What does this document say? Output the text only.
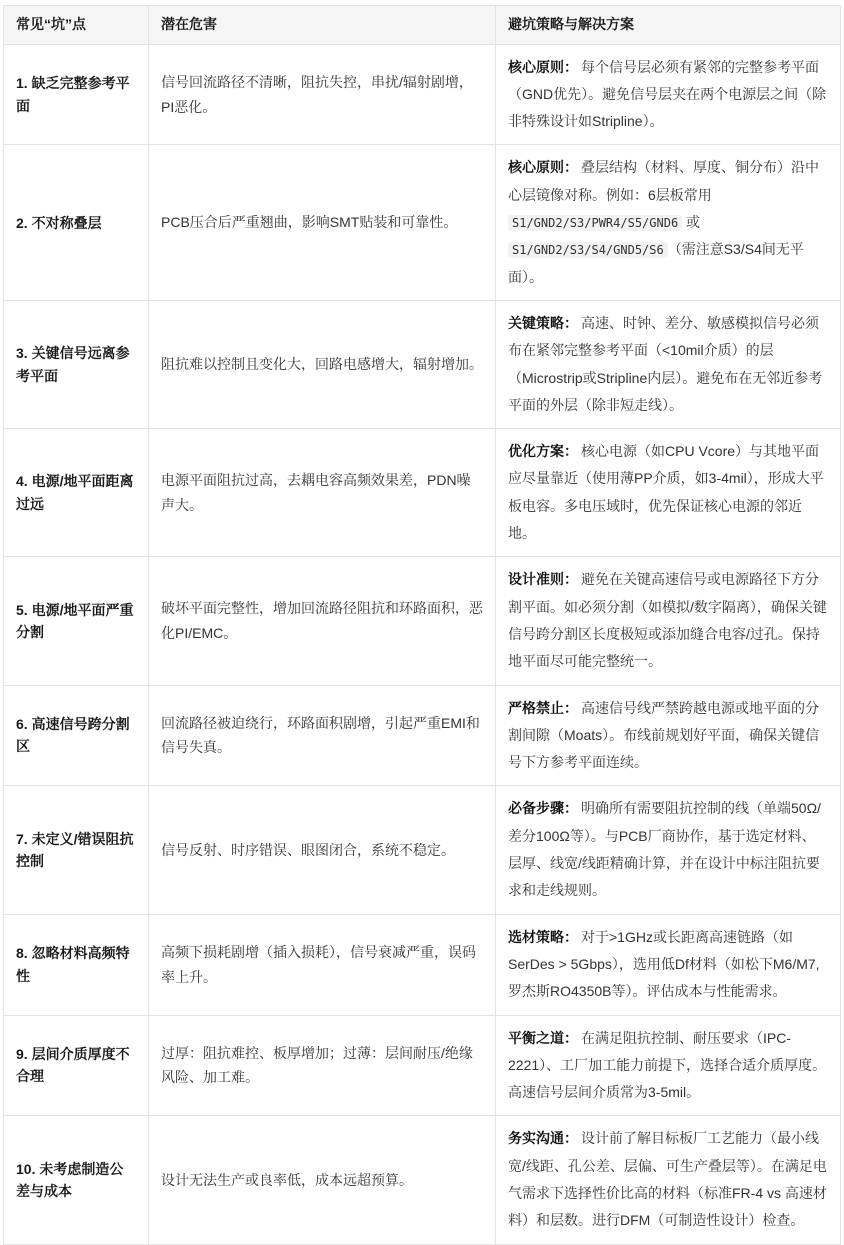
常见“坑”点	潜在危害	避坑策略与解决方案
1. 缺乏完整参考平面	信号回流路径不清晰，阻抗失控，串扰/辐射剧增，PI恶化。	核心原则： 每个信号层必须有紧邻的完整参考平面（GND优先）。避免信号层夹在两个电源层之间（除非特殊设计如Stripline）。
2. 不对称叠层	PCB压合后严重翘曲，影响SMT贴装和可靠性。	核心原则： 叠层结构（材料、厚度、铜分布）沿中心层镜像对称。例如：6层板常用 S1/GND2/S3/PWR4/S5/GND6 或 S1/GND2/S3/S4/GND5/S6 （需注意S3/S4间无平面）。
3. 关键信号远离参考平面	阻抗难以控制且变化大，回路电感增大，辐射增加。	关键策略： 高速、时钟、差分、敏感模拟信号必须布在紧邻完整参考平面（<10mil介质）的层（Microstrip或Stripline内层）。避免布在无邻近参考平面的外层（除非短走线）。
4. 电源/地平面距离过远	电源平面阻抗过高，去耦电容高频效果差，PDN噪声大。	优化方案： 核心电源（如CPU Vcore）与其地平面应尽量靠近（使用薄PP介质，如3-4mil），形成大平板电容。多电压域时，优先保证核心电源的邻近地。
5. 电源/地平面严重分割	破坏平面完整性，增加回流路径阻抗和环路面积，恶化PI/EMC。	设计准则： 避免在关键高速信号或电源路径下方分割平面。如必须分割（如模拟/数字隔离），确保关键信号跨分割区长度极短或添加缝合电容/过孔。保持地平面尽可能完整统一。
6. 高速信号跨分割区	回流路径被迫绕行，环路面积剧增，引起严重EMI和信号失真。	严格禁止： 高速信号线严禁跨越电源或地平面的分割间隙（Moats）。布线前规划好平面，确保关键信号下方参考平面连续。
7. 未定义/错误阻抗控制	信号反射、时序错误、眼图闭合，系统不稳定。	必备步骤： 明确所有需要阻抗控制的线（单端50Ω/差分100Ω等）。与PCB厂商协作，基于选定材料、层厚、线宽/线距精确计算，并在设计中标注阻抗要求和走线规则。
8. 忽略材料高频特性	高频下损耗剧增（插入损耗），信号衰减严重，误码率上升。	选材策略： 对于>1GHz或长距离高速链路（如SerDes > 5Gbps），选用低Df材料（如松下M6/M7, 罗杰斯RO4350B等）。评估成本与性能需求。
9. 层间介质厚度不合理	过厚：阻抗难控、板厚增加；过薄：层间耐压/绝缘风险、加工难。	平衡之道： 在满足阻抗控制、耐压要求（IPC-2221）、工厂加工能力前提下，选择合适介质厚度。高速信号层间介质常为3-5mil。
10. 未考虑制造公差与成本	设计无法生产或良率低，成本远超预算。	务实沟通： 设计前了解目标板厂工艺能力（最小线宽/线距、孔公差、层偏、可生产叠层等）。在满足电气需求下选择性价比高的材料（标准FR-4 vs 高速材料）和层数。进行DFM（可制造性设计）检查。
